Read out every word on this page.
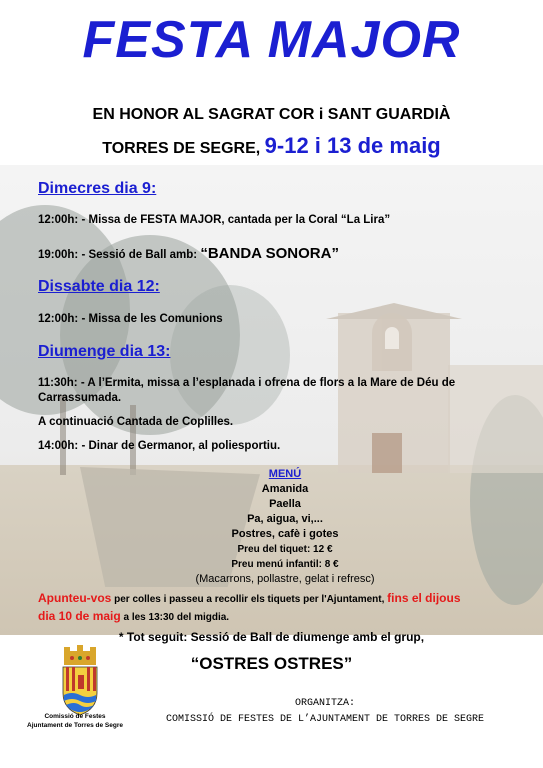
FESTA MAJOR
EN HONOR AL SAGRAT COR i SANT GUARDIÀ
TORRES DE SEGRE, 9-12 i 13 de maig
Dimecres dia 9:
12:00h: - Missa de FESTA MAJOR, cantada per la Coral “La Lira”
19:00h: - Sessió de Ball amb: “BANDA SONORA”
Dissabte dia 12:
12:00h: - Missa de les Comunions
Diumenge dia 13:
11:30h: - A l’Ermita, missa a l’esplanada i ofrena de flors a la Mare de Déu de
Carrassumada.
A continuació Cantada de Coplilles.
14:00h: - Dinar de Germanor, al poliesportiu.
MENÚ
Amanida
Paella
Pa, aigua, vi,...
Postres, cafè i gotes
Preu del tiquet: 12 €
Preu menú infantil: 8 €
(Macarrons, pollastre, gelat i refresc)
Apunteu-vos per colles i passeu a recollir els tiquets per l'Ajuntament, fins el dijous
dia 10 de maig a les 13:30 del migdia.
* Tot seguit: Sessió de Ball de diumenge amb el grup,
“OSTRES OSTRES”
Comissió de Festes
Ajuntament de Torres de Segre
ORGANITZA:
COMISSIÓ DE FESTES DE L’AJUNTAMENT DE TORRES DE SEGRE
